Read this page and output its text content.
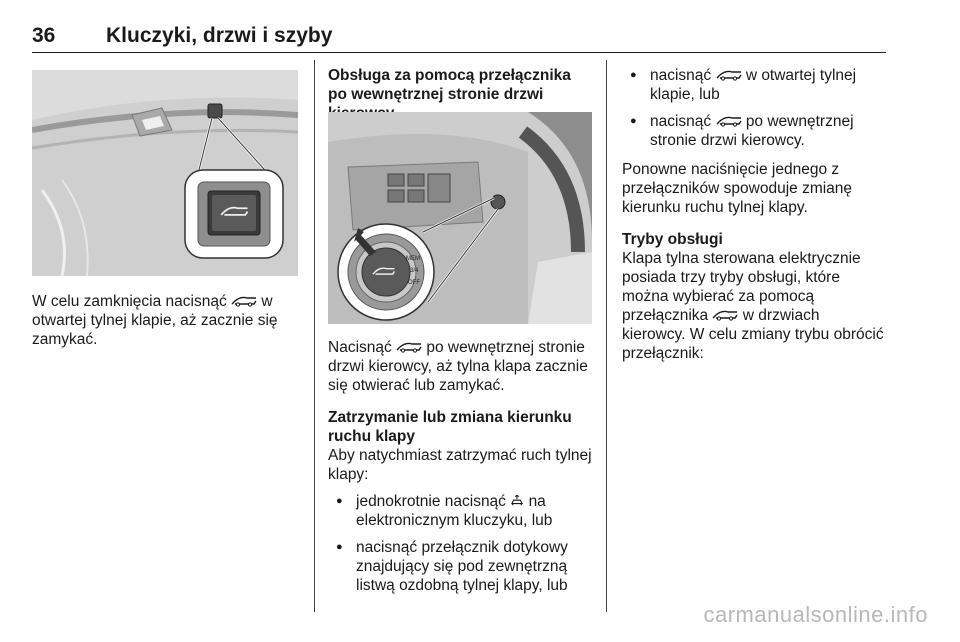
36 Kluczyki, drzwi i szyby

W celu zamknięcia nacisnąć w otwartej tylnej klapie, aż zacznie się zamykać.

Obsługa za pomocą przełącznika po wewnętrznej stronie drzwi
MEM
OFF
3/4

Nacisnąć po wewnętrznej stronie drzwi kierowcy, aż tylna klapa zacznie się otwierać lub zamykać.

Zatrzymanie lub zmiana kierunku ruchu klapy

Aby natychmiast zatrzymać ruch tylnej klapy:

● jednokrotnie nacisnąć na elektronicznym kluczyku, lub
● nacisnąć przełącznik dotykowy znajdujący się pod zewnętrzną listwą ozdobną tylnej klapy, lub
● nacisnąć w otwartej tylnej klapie, lub
● nacisnąć po wewnętrznej stronie drzwi kierowcy.

Ponowne naciśnięcie jednego z przełączników spowoduje zmianę kierunku ruchu tylnej klapy.

Tryby obsługi

Klapa tylna sterowana elektrycznie posiada trzy tryby obsługi, które można wybierać za pomocą przełącznika w drzwiach kierowcy. W celu zmiany trybu obrócić przełącznik:

carmanualsonline.info
